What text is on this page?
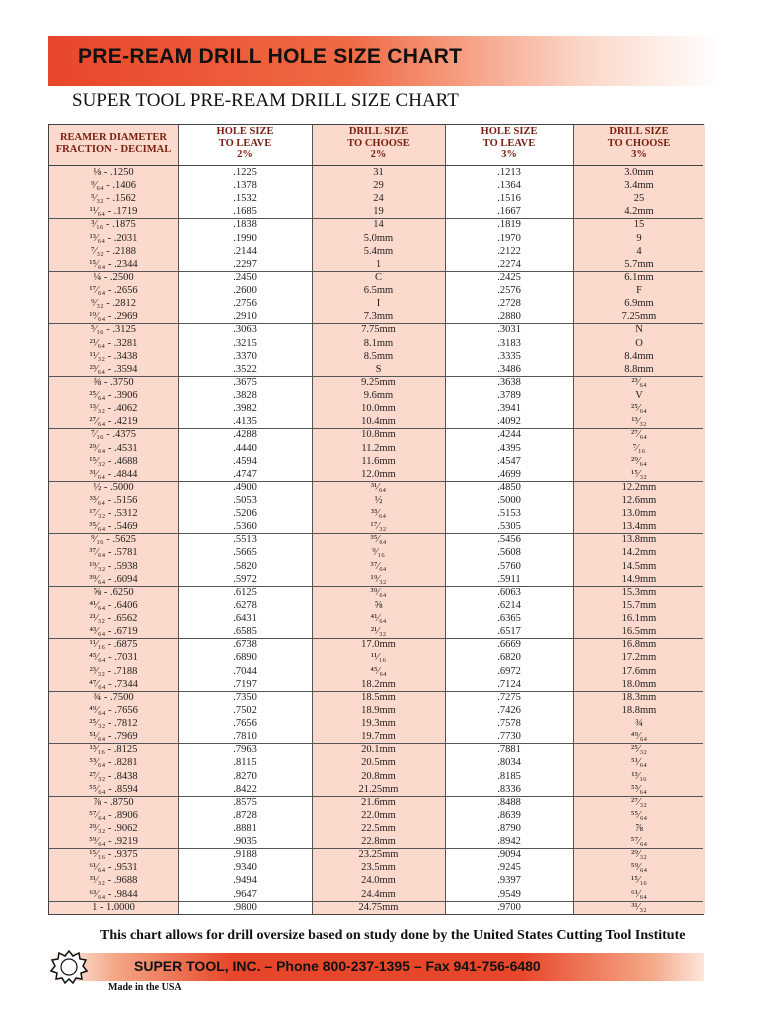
PRE-REAM DRILL HOLE SIZE CHART
SUPER TOOL PRE-REAM DRILL SIZE CHART
REAMER DIAMETER
FRACTION - DECIMAL
HOLE SIZE
TO LEAVE
2%
DRILL SIZE
TO CHOOSE
2%
HOLE SIZE
TO LEAVE
3%
DRILL SIZE
TO CHOOSE
3%
⅛ - .1250	.1225	31	.1213	3.0mm
⁹⁄₆₄ - .1406	.1378	29	.1364	3.4mm
⁵⁄₃₂ - .1562	.1532	24	.1516	25
¹¹⁄₆₄ - .1719	.1685	19	.1667	4.2mm
³⁄₁₆ - .1875	.1838	14	.1819	15
¹³⁄₆₄ - .2031	.1990	5.0mm	.1970	9
⁷⁄₃₂ - .2188	.2144	5.4mm	.2122	4
¹⁵⁄₆₄ - .2344	.2297	1	.2274	5.7mm
¼ - .2500	.2450	C	.2425	6.1mm
¹⁷⁄₆₄ - .2656	.2600	6.5mm	.2576	F
⁹⁄₃₂ - .2812	.2756	I	.2728	6.9mm
¹⁹⁄₆₄ - .2969	.2910	7.3mm	.2880	7.25mm
⁵⁄₁₆ - .3125	.3063	7.75mm	.3031	N
²¹⁄₆₄ - .3281	.3215	8.1mm	.3183	O
¹¹⁄₃₂ - .3438	.3370	8.5mm	.3335	8.4mm
²³⁄₆₄ - .3594	.3522	S	.3486	8.8mm
⅜ - .3750	.3675	9.25mm	.3638	²³⁄₆₄
²⁵⁄₆₄ - .3906	.3828	9.6mm	.3789	V
¹³⁄₃₂ - .4062	.3982	10.0mm	.3941	²⁵⁄₆₄
²⁷⁄₆₄ - .4219	.4135	10.4mm	.4092	¹³⁄₃₂
⁷⁄₁₆ - .4375	.4288	10.8mm	.4244	²⁷⁄₆₄
²⁹⁄₆₄ - .4531	.4440	11.2mm	.4395	⁷⁄₁₆
¹⁵⁄₃₂ - .4688	.4594	11.6mm	.4547	²⁹⁄₆₄
³¹⁄₆₄ - .4844	.4747	12.0mm	.4699	¹⁵⁄₃₂
½ - .5000	.4900	³¹⁄₆₄	.4850	12.2mm
³³⁄₆₄ - .5156	.5053	½	.5000	12.6mm
¹⁷⁄₃₂ - .5312	.5206	³³⁄₆₄	.5153	13.0mm
³⁵⁄₆₄ - .5469	.5360	¹⁷⁄₃₂	.5305	13.4mm
⁹⁄₁₆ - .5625	.5513	³⁵⁄₆₄	.5456	13.8mm
³⁷⁄₆₄ - .5781	.5665	⁹⁄₁₆	.5608	14.2mm
¹⁹⁄₃₂ - .5938	.5820	³⁷⁄₆₄	.5760	14.5mm
³⁹⁄₆₄ - .6094	.5972	¹⁹⁄₃₂	.5911	14.9mm
⅝ - .6250	.6125	³⁹⁄₆₄	.6063	15.3mm
⁴¹⁄₆₄ - .6406	.6278	⅝	.6214	15.7mm
²¹⁄₃₂ - .6562	.6431	⁴¹⁄₆₄	.6365	16.1mm
⁴³⁄₆₄ - .6719	.6585	²¹⁄₃₂	.6517	16.5mm
¹¹⁄₁₆ - .6875	.6738	17.0mm	.6669	16.8mm
⁴⁵⁄₆₄ - .7031	.6890	¹¹⁄₁₆	.6820	17.2mm
²³⁄₃₂ - .7188	.7044	⁴⁵⁄₆₄	.6972	17.6mm
⁴⁷⁄₆₄ - .7344	.7197	18.2mm	.7124	18.0mm
¾ - .7500	.7350	18.5mm	.7275	18.3mm
⁴⁹⁄₆₄ - .7656	.7502	18.9mm	.7426	18.8mm
²⁵⁄₃₂ - .7812	.7656	19.3mm	.7578	¾
⁵¹⁄₆₄ - .7969	.7810	19.7mm	.7730	⁴⁹⁄₆₄
¹³⁄₁₆ - .8125	.7963	20.1mm	.7881	²⁵⁄₃₂
⁵³⁄₆₄ - .8281	.8115	20.5mm	.8034	⁵¹⁄₆₄
²⁷⁄₃₂ - .8438	.8270	20.8mm	.8185	¹³⁄₁₆
⁵⁵⁄₆₄ - .8594	.8422	21.25mm	.8336	⁵³⁄₆₄
⅞ - .8750	.8575	21.6mm	.8488	²⁷⁄₃₂
⁵⁷⁄₆₄ - .8906	.8728	22.0mm	.8639	⁵⁵⁄₆₄
²⁹⁄₃₂ - .9062	.8881	22.5mm	.8790	⅞
⁵⁹⁄₆₄ - .9219	.9035	22.8mm	.8942	⁵⁷⁄₆₄
¹⁵⁄₁₆ - .9375	.9188	23.25mm	.9094	²⁹⁄₃₂
⁶¹⁄₆₄ - .9531	.9340	23.5mm	.9245	⁵⁹⁄₆₄
³¹⁄₃₂ - .9688	.9494	24.0mm	.9397	¹⁵⁄₁₆
⁶³⁄₆₄ - .9844	.9647	24.4mm	.9549	⁶¹⁄₆₄
1 - 1.0000	.9800	24.75mm	.9700	³¹⁄₃₂
This chart allows for drill oversize based on study done by the United States Cutting Tool Institute
SUPER TOOL, INC. – Phone 800-237-1395 – Fax 941-756-6480
Made in the USA
